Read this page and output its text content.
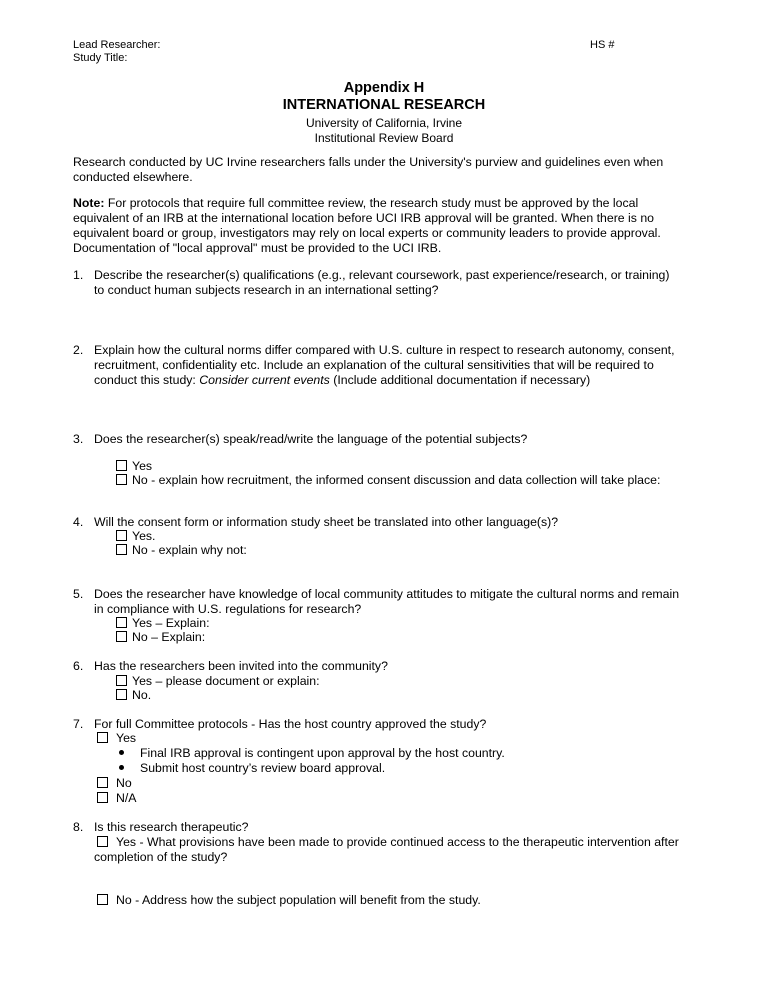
Lead Researcher:
Study Title:
HS #
Appendix H
INTERNATIONAL RESEARCH
University of California, Irvine
Institutional Review Board
Research conducted by UC Irvine researchers falls under the University's purview and guidelines even when
conducted elsewhere.
Note: For protocols that require full committee review, the research study must be approved by the local
equivalent of an IRB at the international location before UCI IRB approval will be granted. When there is no
equivalent board or group, investigators may rely on local experts or community leaders to provide approval.
Documentation of "local approval" must be provided to the UCI IRB.
1. Describe the researcher(s) qualifications (e.g., relevant coursework, past experience/research, or training)
to conduct human subjects research in an international setting?
2. Explain how the cultural norms differ compared with U.S. culture in respect to research autonomy, consent,
recruitment, confidentiality etc. Include an explanation of the cultural sensitivities that will be required to
conduct this study: Consider current events (Include additional documentation if necessary)
3. Does the researcher(s) speak/read/write the language of the potential subjects?
Yes
No - explain how recruitment, the informed consent discussion and data collection will take place:
4. Will the consent form or information study sheet be translated into other language(s)?
Yes.
No - explain why not:
5. Does the researcher have knowledge of local community attitudes to mitigate the cultural norms and remain
in compliance with U.S. regulations for research?
Yes – Explain:
No – Explain:
6. Has the researchers been invited into the community?
Yes – please document or explain:
No.
7. For full Committee protocols - Has the host country approved the study?
Yes
Final IRB approval is contingent upon approval by the host country.
Submit host country’s review board approval.
No
N/A
8. Is this research therapeutic?
Yes - What provisions have been made to provide continued access to the therapeutic intervention after
completion of the study?
No - Address how the subject population will benefit from the study.
